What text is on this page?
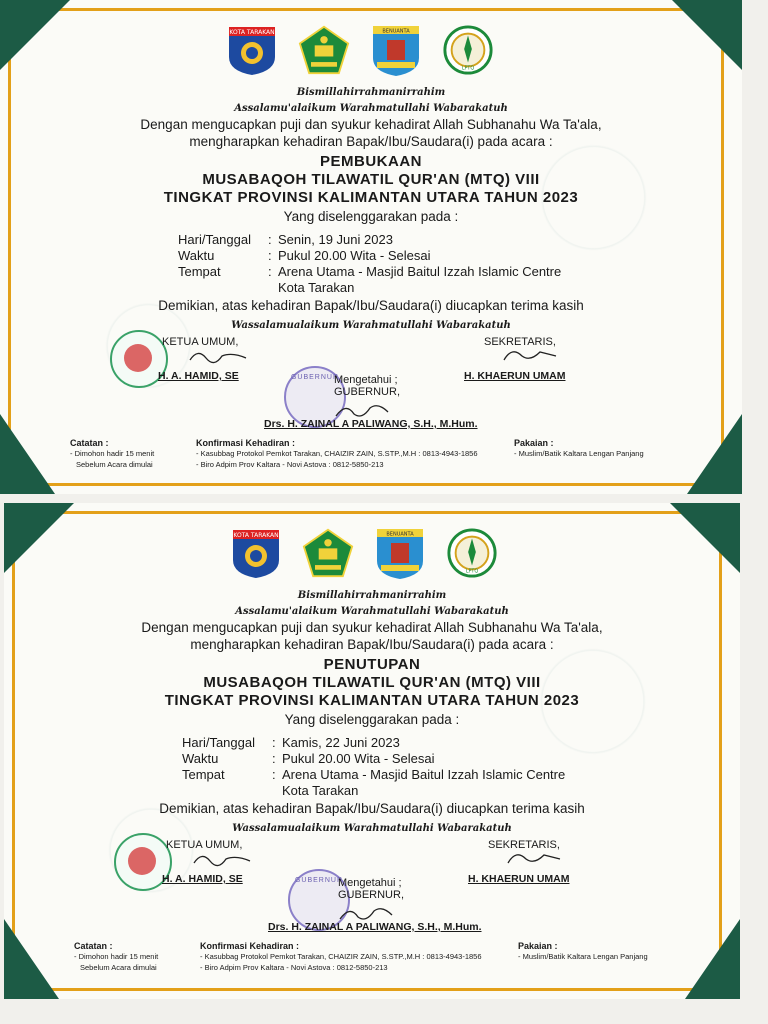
KOTA TARAKAN	BENUANTA
LPTQ
Bismillahirrahmanirrahim
Assalamu'alaikum Warahmatullahi Wabarakatuh
Dengan mengucapkan puji dan syukur kehadirat Allah Subhanahu Wa Ta'ala,
mengharapkan kehadiran Bapak/Ibu/Saudara(i) pada acara :
PEMBUKAAN
MUSABAQOH TILAWATIL QUR'AN (MTQ) VIII
TINGKAT PROVINSI KALIMANTAN UTARA TAHUN 2023
Yang diselenggarakan pada :
Hari/Tanggal : Senin, 19 Juni 2023
Waktu	: Pukul 20.00 Wita - Selesai
Tempat	: Arena Utama - Masjid Baitul Izzah Islamic Centre
Kota Tarakan
Demikian, atas kehadiran Bapak/Ibu/Saudara(i) diucapkan terima kasih
Wassalamualaikum Warahmatullahi Wabarakatuh
KETUA UMUM,
H. A. HAMID, SE
SEKRETARIS,
H. KHAERUN UMAM
GUBERNUR
Mengetahui ;
GUBERNUR,
Drs. H. ZAINAL A PALIWANG, S.H., M.Hum.
Catatan :
- Dimohon hadir 15 menit
Sebelum Acara dimulai
Konfirmasi Kehadiran :
- Kasubbag Protokol Pemkot Tarakan, CHAIZIR ZAIN, S.STP.,M.H : 0813-4943-1856
- Biro Adpim Prov Kaltara - Novi Astova : 0812-5850-213
Pakaian :
- Muslim/Batik Kaltara Lengan Panjang
KOTA TARAKAN	BENUANTA
LPTQ
Bismillahirrahmanirrahim
Assalamu'alaikum Warahmatullahi Wabarakatuh
Dengan mengucapkan puji dan syukur kehadirat Allah Subhanahu Wa Ta'ala,
mengharapkan kehadiran Bapak/Ibu/Saudara(i) pada acara :
PENUTUPAN
MUSABAQOH TILAWATIL QUR'AN (MTQ) VIII
TINGKAT PROVINSI KALIMANTAN UTARA TAHUN 2023
Yang diselenggarakan pada :
Hari/Tanggal : Kamis, 22 Juni 2023
Waktu	: Pukul 20.00 Wita - Selesai
Tempat	: Arena Utama - Masjid Baitul Izzah Islamic Centre
Kota Tarakan
Demikian, atas kehadiran Bapak/Ibu/Saudara(i) diucapkan terima kasih
Wassalamualaikum Warahmatullahi Wabarakatuh
KETUA UMUM,
H. A. HAMID, SE
SEKRETARIS,
H. KHAERUN UMAM
GUBERNUR
Mengetahui ;
GUBERNUR,
Drs. H. ZAINAL A PALIWANG, S.H., M.Hum.
Catatan :
- Dimohon hadir 15 menit
Sebelum Acara dimulai
Konfirmasi Kehadiran :
- Kasubbag Protokol Pemkot Tarakan, CHAIZIR ZAIN, S.STP.,M.H : 0813-4943-1856
- Biro Adpim Prov Kaltara - Novi Astova : 0812-5850-213
Pakaian :
- Muslim/Batik Kaltara Lengan Panjang
